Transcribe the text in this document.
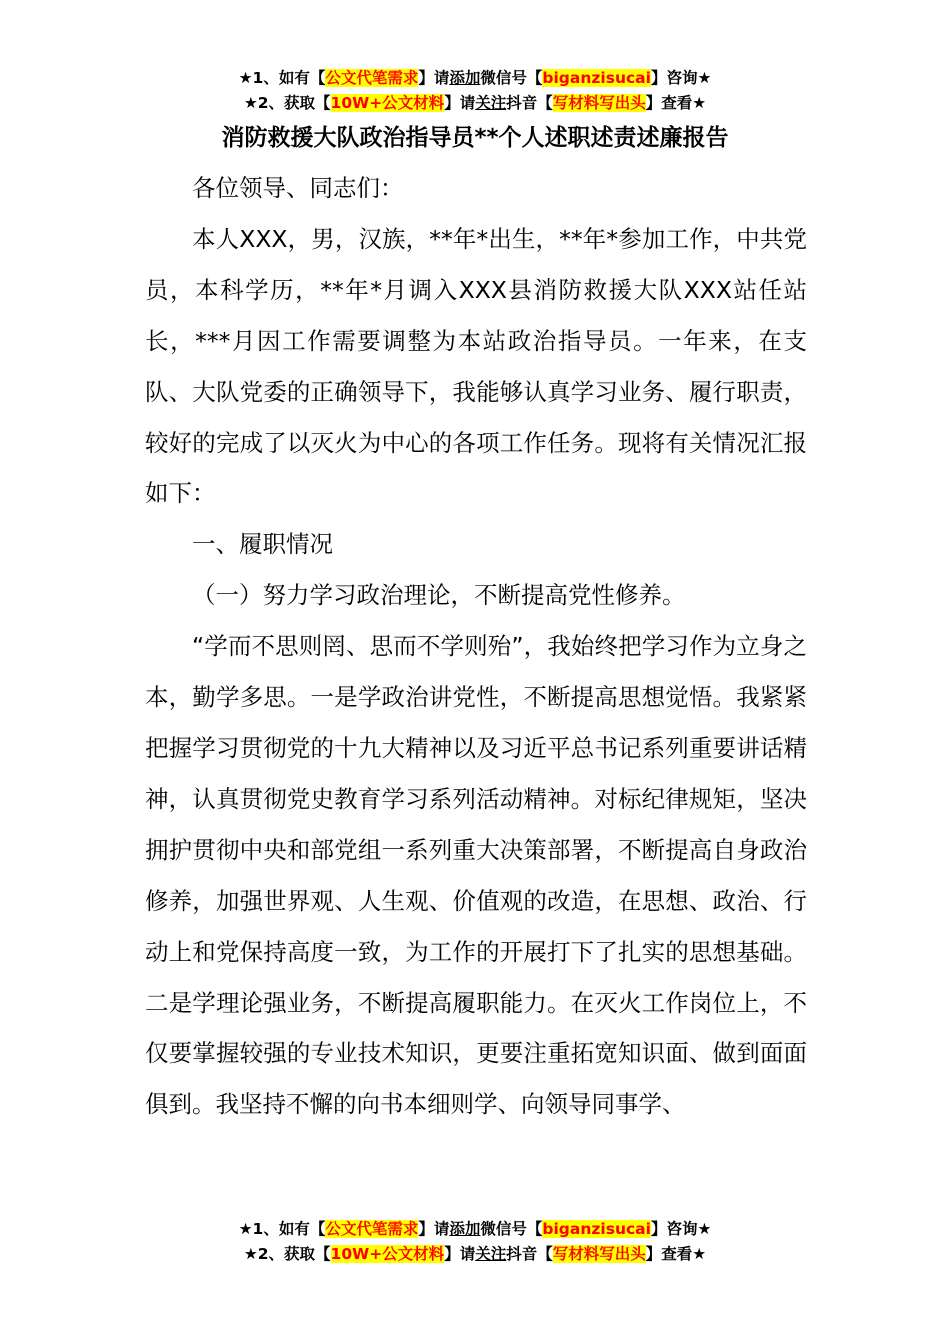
★1、如有【公文代笔需求】请添加微信号【biganzisucai】咨询★
★2、获取【10W+公文材料】请关注抖音【写材料写出头】查看★
消防救援大队政治指导员**个人述职述责述廉报告

各位领导、同志们：

本人XXX，男，汉族，**年*出生，**年*参加工作，中共党员，本科学历，**年*月调入XXX县消防救援大队XXX站任站长，***月因工作需要调整为本站政治指导员。一年来，在支队、大队党委的正确领导下，我能够认真学习业务、履行职责，较好的完成了以灭火为中心的各项工作任务。现将有关情况汇报如下：

一、履职情况

（一）努力学习政治理论，不断提高党性修养。

“学而不思则罔、思而不学则殆”，我始终把学习作为立身之本，勤学多思。一是学政治讲党性，不断提高思想觉悟。我紧紧把握学习贯彻党的十九大精神以及习近平总书记系列重要讲话精神，认真贯彻党史教育学习系列活动精神。对标纪律规矩，坚决拥护贯彻中央和部党组一系列重大决策部署，不断提高自身政治修养，加强世界观、人生观、价值观的改造，在思想、政治、行动上和党保持高度一致，为工作的开展打下了扎实的思想基础。二是学理论强业务，不断提高履职能力。在灭火工作岗位上，不仅要掌握较强的专业技术知识，更要注重拓宽知识面、做到面面俱到。我坚持不懈的向书本细则学、向领导同事学、

★1、如有【公文代笔需求】请添加微信号【biganzisucai】咨询★
★2、获取【10W+公文材料】请关注抖音【写材料写出头】查看★
